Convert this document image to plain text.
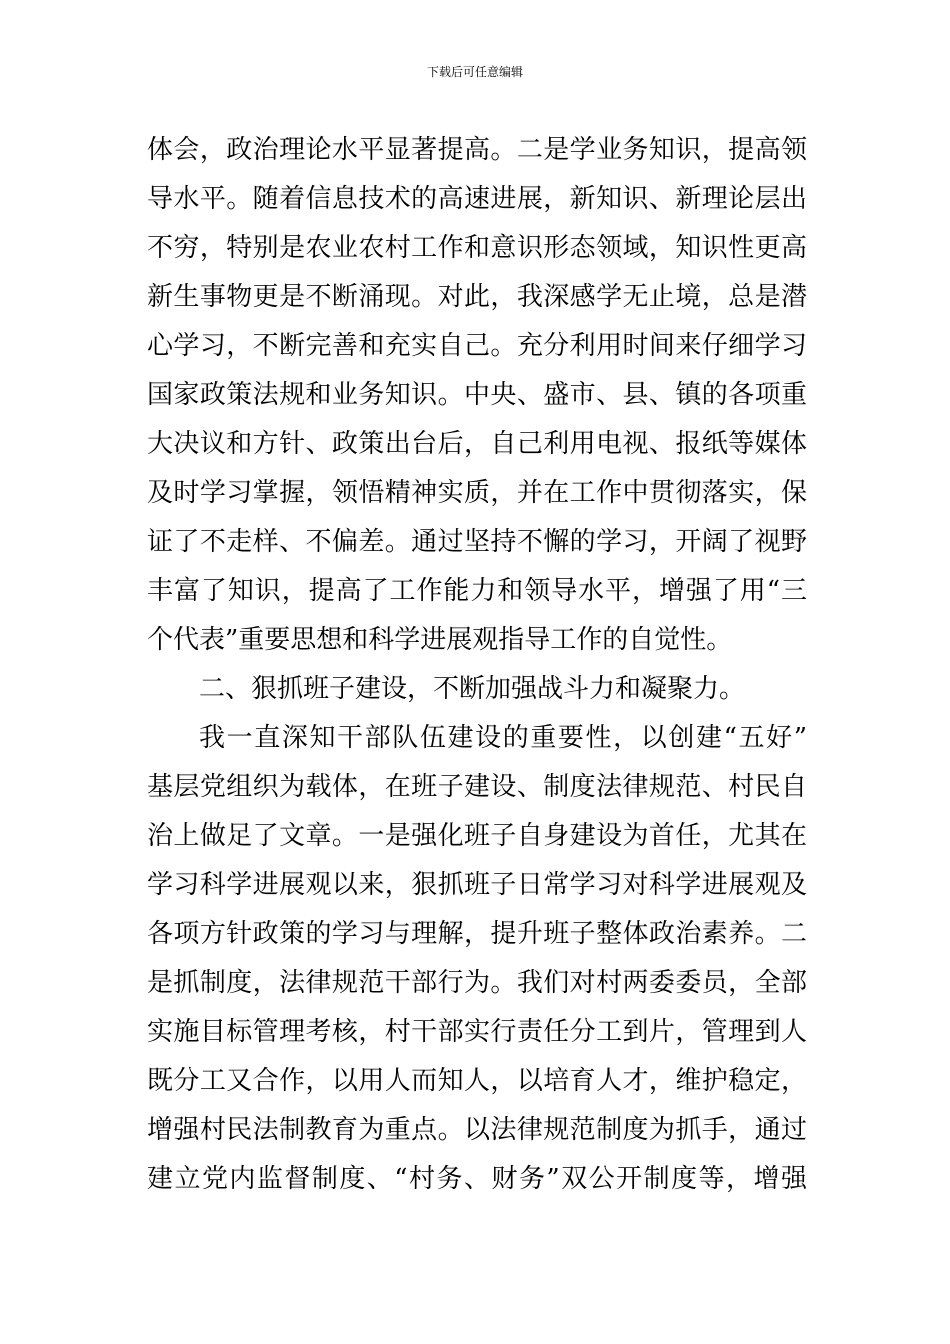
下载后可任意编辑
体会，政治理论水平显著提高。二是学业务知识，提高领
导水平。随着信息技术的高速进展，新知识、新理论层出
不穷，特别是农业农村工作和意识形态领域，知识性更高
新生事物更是不断涌现。对此，我深感学无止境，总是潜
心学习，不断完善和充实自己。充分利用时间来仔细学习
国家政策法规和业务知识。中央、盛市、县、镇的各项重
大决议和方针、政策出台后，自己利用电视、报纸等媒体
及时学习掌握，领悟精神实质，并在工作中贯彻落实，保
证了不走样、不偏差。通过坚持不懈的学习，开阔了视野
丰富了知识，提高了工作能力和领导水平，增强了用“三
个代表”重要思想和科学进展观指导工作的自觉性。
二、狠抓班子建设，不断加强战斗力和凝聚力。
我一直深知干部队伍建设的重要性，以创建“五好”
基层党组织为载体，在班子建设、制度法律规范、村民自
治上做足了文章。一是强化班子自身建设为首任，尤其在
学习科学进展观以来，狠抓班子日常学习对科学进展观及
各项方针政策的学习与理解，提升班子整体政治素养。二
是抓制度，法律规范干部行为。我们对村两委委员，全部
实施目标管理考核，村干部实行责任分工到片，管理到人
既分工又合作，以用人而知人，以培育人才，维护稳定，
增强村民法制教育为重点。以法律规范制度为抓手，通过
建立党内监督制度、“村务、财务”双公开制度等，增强
